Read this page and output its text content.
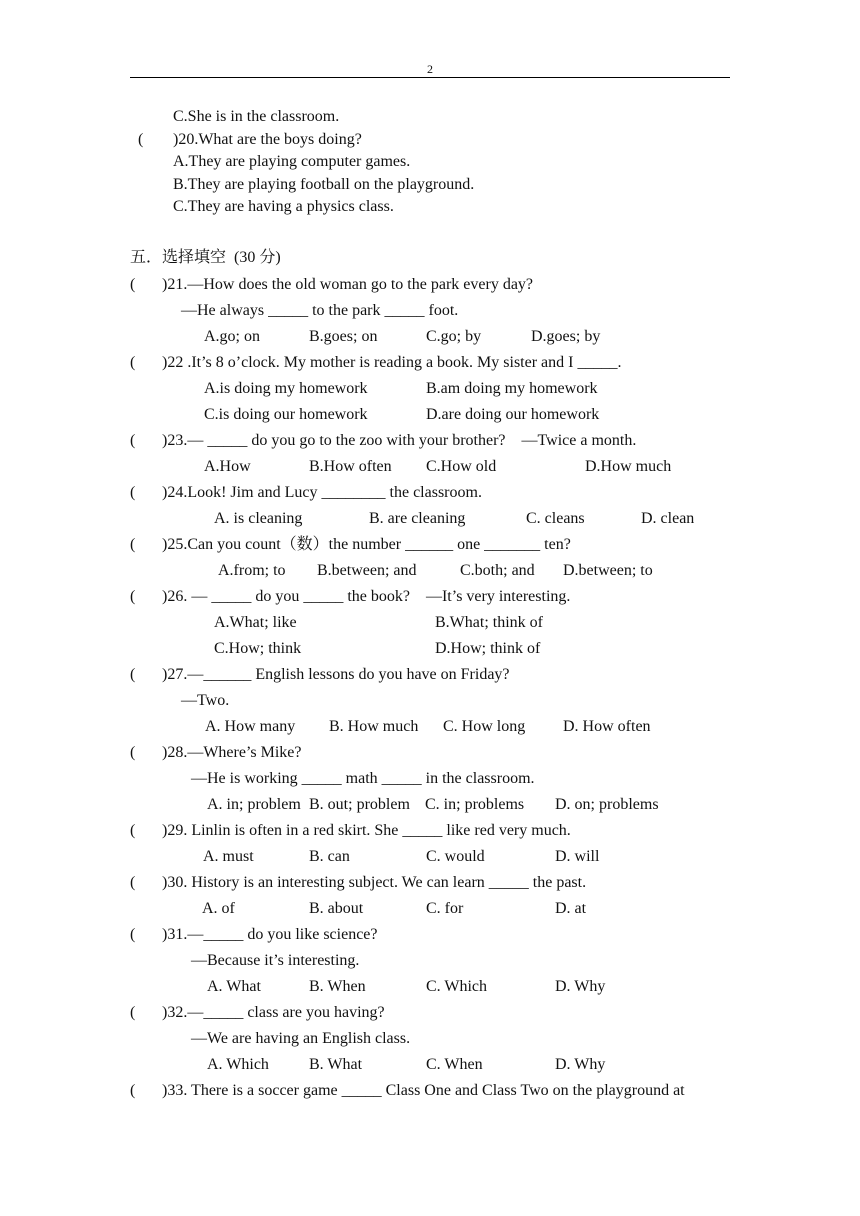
2
C.She is in the classroom.
( )20.What are the boys doing?
A.They are playing computer games.
B.They are playing football on the playground.
C.They are having a physics class.
五．选择填空  (30 分)
( )21.—How does the old woman go to the park every day?
—He always _____ to the park _____ foot.
A.go; on	B.goes; on	C.go; by	D.goes; by
( )22 .It’s 8 o’clock. My mother is reading a book. My sister and I _____.
A.is doing my homework	B.am doing my homework
C.is doing our homework	D.are doing our homework
( )23.— _____ do you go to the zoo with your brother?    —Twice a month.
A.How	B.How often C.How old	D.How much
( )24.Look! Jim and Lucy ________ the classroom.
A. is cleaning	B. are cleaning	C. cleans	D. clean
( )25.Can you count（数）the number ______ one _______ ten?
A.from; to B.between; and	C.both; and D.between; to
( )26. — _____ do you _____ the book?    —It’s very interesting.
A.What; like	B.What; think of
C.How; think	D.How; think of
( )27.—______ English lessons do you have on Friday?
—Two.
A. How many B. How much C. How long D. How often
( )28.—Where’s Mike?
—He is working _____ math _____ in the classroom.
A. in; problem B. out; problem C. in; problems D. on; problems
( )29. Linlin is often in a red skirt. She _____ like red very much.
A. must	B. can	C. would	D. will
( )30. History is an interesting subject. We can learn _____ the past.
A. of	B. about	C. for	D. at
( )31.—_____ do you like science?
—Because it’s interesting.
A. What	B. When	C. Which	D. Why
( )32.—_____ class are you having?
—We are having an English class.
A. Which	B. What	C. When	D. Why
( )33. There is a soccer game _____ Class One and Class Two on the playground at
